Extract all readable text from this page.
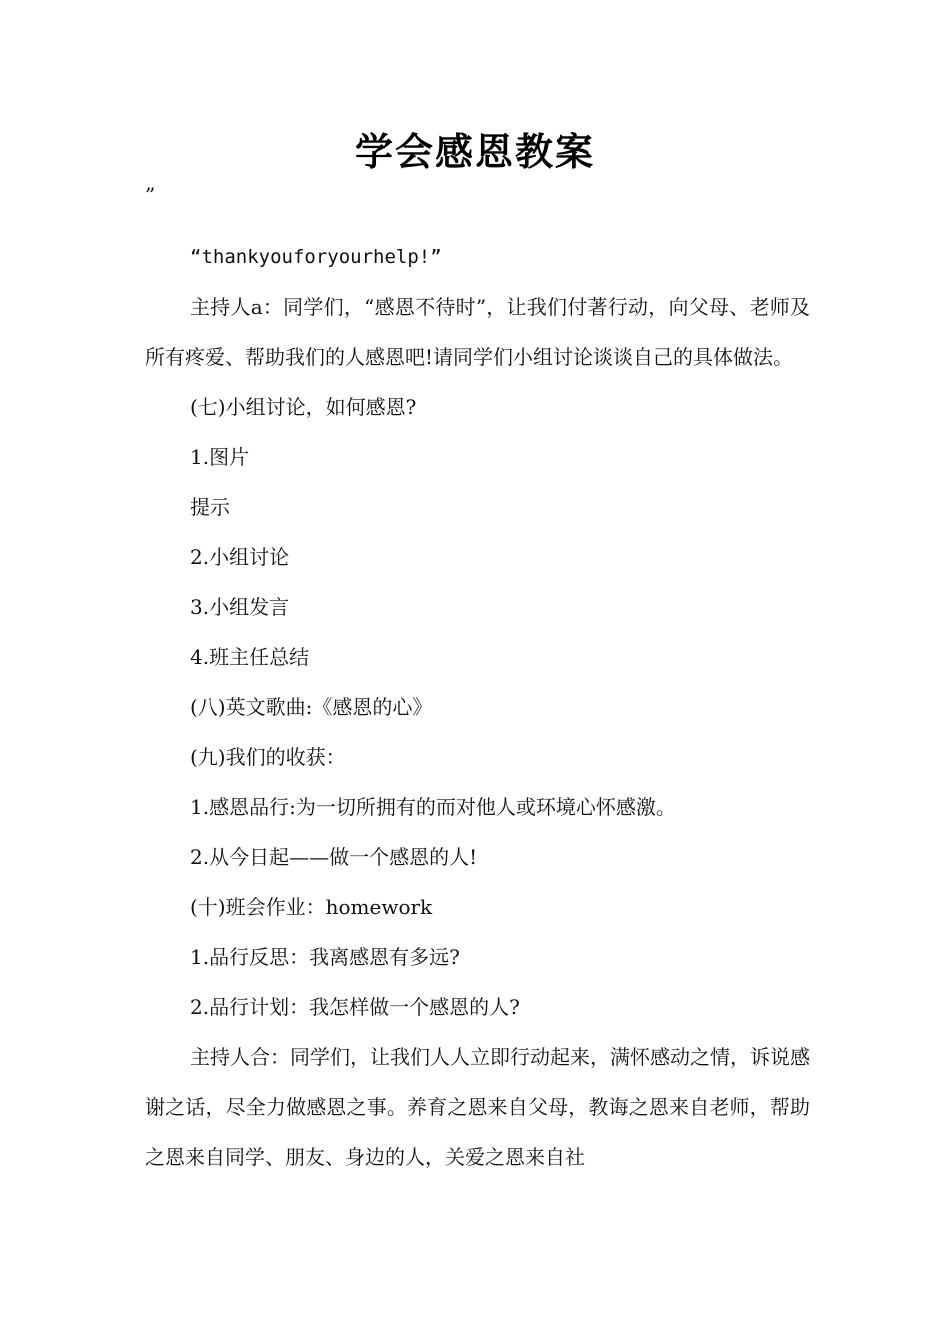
学会感恩教案
”

“thankyouforyourhelp!”

主持人a：同学们，“感恩不待时”，让我们付著行动，向父母、老师及所有疼爱、帮助我们的人感恩吧!请同学们小组讨论谈谈自己的具体做法。

(七)小组讨论，如何感恩?

1.图片

提示

2.小组讨论

3.小组发言

4.班主任总结

(八)英文歌曲:《感恩的心》

(九)我们的收获：

1.感恩品行:为一切所拥有的而对他人或环境心怀感激。

2.从今日起——做一个感恩的人!

(十)班会作业：homework

1.品行反思：我离感恩有多远?

2.品行计划：我怎样做一个感恩的人?

主持人合：同学们，让我们人人立即行动起来，满怀感动之情，诉说感谢之话，尽全力做感恩之事。养育之恩来自父母，教诲之恩来自老师，帮助之恩来自同学、朋友、身边的人，关爱之恩来自社
